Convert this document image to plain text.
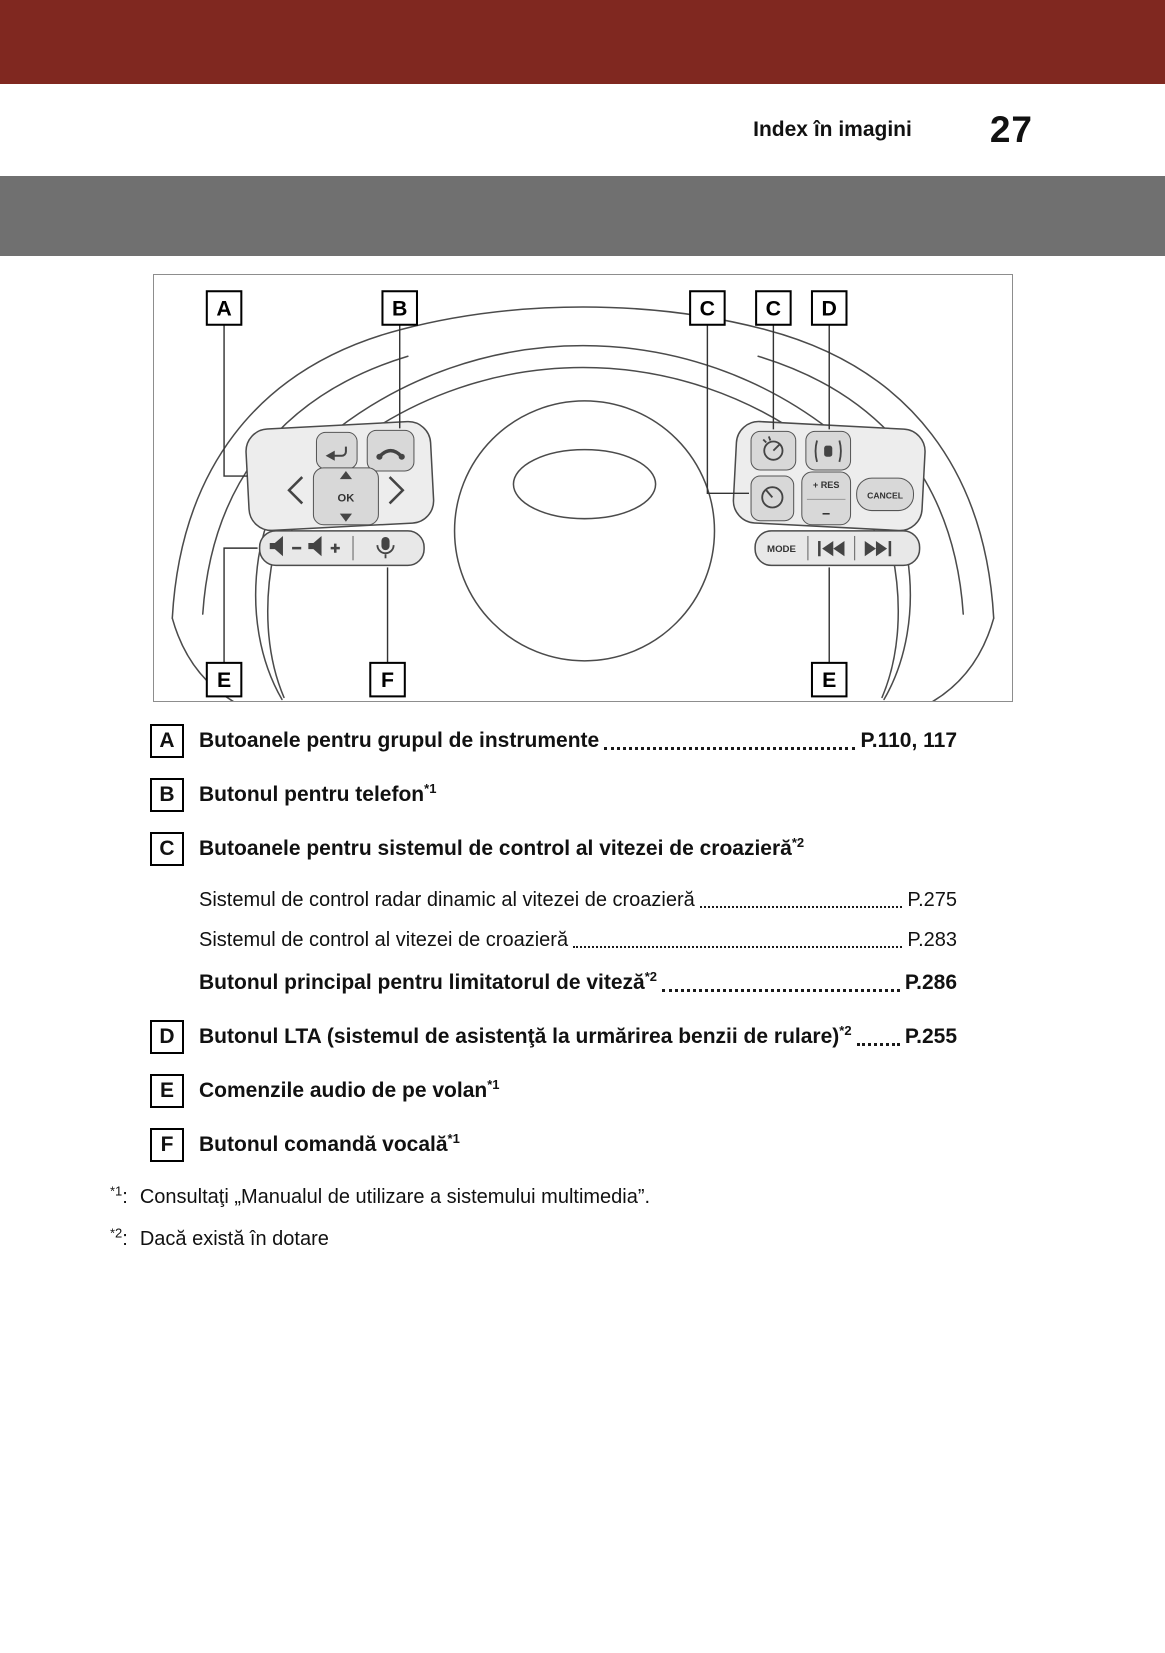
Index în imagini 27
OK
+ RES
−
CANCEL
MODE
A	B	C C D
E	F	E
A	Butoanele pentru grupul de instrumente	P.110, 117
B	Butonul pentru telefon$^{*1}$
C	Butoanele pentru sistemul de control al vitezei de croazieră$^{*2}$
Sistemul de control radar dinamic al vitezei de croazieră	P.275
Sistemul de control al vitezei de croazieră	P.283
Butonul principal pentru limitatorul de viteză$^{*2}$	P.286
D	Butonul LTA (sistemul de asistenţă la urmărirea benzii de rulare)$^{*2}$	P.255
E	Comenzile audio de pe volan$^{*1}$
F	Butonul comandă vocală$^{*1}$

$^{*1}$: Consultaţi „Manualul de utilizare a sistemului multimedia”.

$^{*2}$: Dacă există în dotare
